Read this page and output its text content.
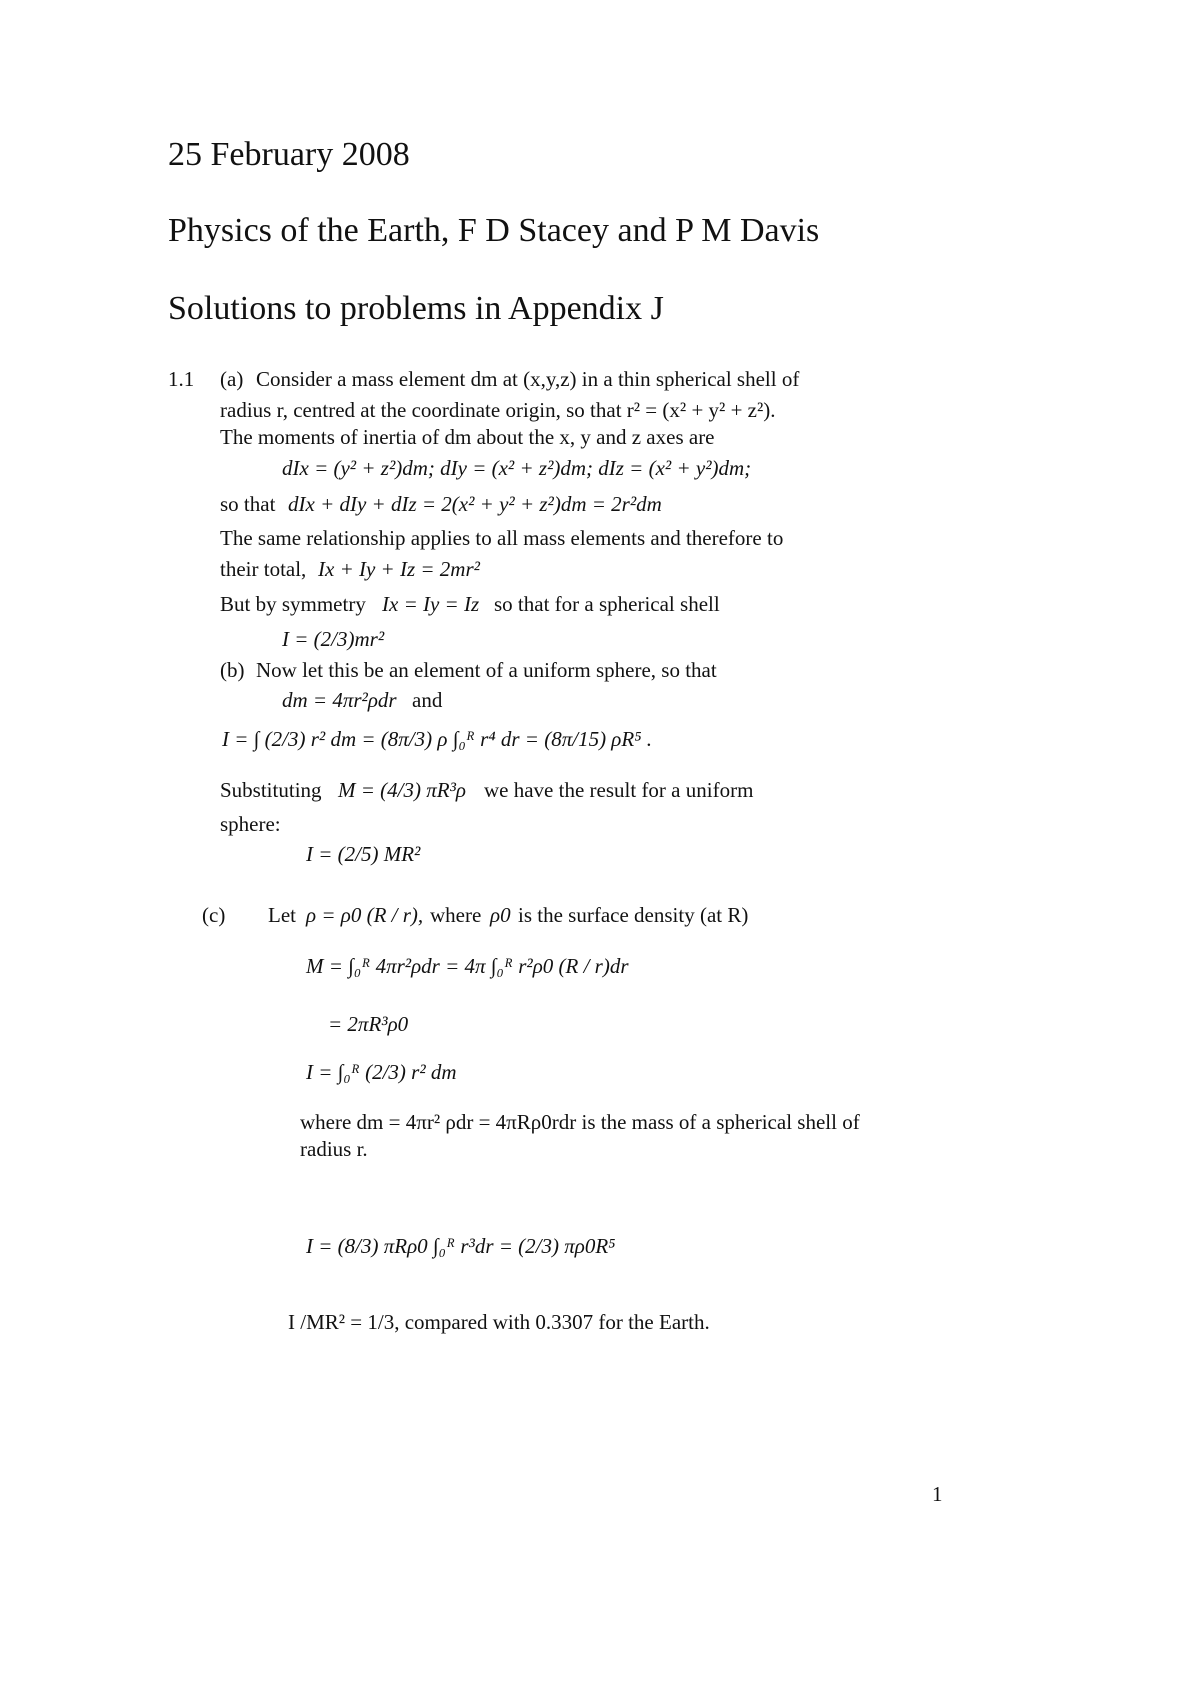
25 February 2008
Physics of the Earth, F D Stacey and P M Davis
Solutions to problems in Appendix J
1.1 (a) Consider a mass element dm at (x,y,z) in a thin spherical shell of
radius r, centred at the coordinate origin, so that r² = (x² + y² + z²).
The moments of inertia of dm about the x, y and z axes are
dIx = (y² + z²)dm; dIy = (x² + z²)dm; dIz = (x² + y²)dm;
so that dIx + dIy + dIz = 2(x² + y² + z²)dm = 2r²dm
The same relationship applies to all mass elements and therefore to
their total, Ix + Iy + Iz = 2mr²
But by symmetry Ix = Iy = Iz so that for a spherical shell
I = (2/3)mr²
(b) Now let this be an element of a uniform sphere, so that
dm = 4πr²ρdr and
I = ∫ (2/3) r² dm = (8π/3) ρ ∫₀ᴿ r⁴ dr = (8π/15) ρR⁵ .
Substituting M = (4/3) πR³ρ we have the result for a uniform
sphere:
I = (2/5) MR²
(c) Let ρ = ρ0 (R / r), where ρ0 is the surface density (at R)
M = ∫₀ᴿ 4πr²ρdr = 4π ∫₀ᴿ r²ρ0 (R / r)dr
= 2πR³ρ0
I = ∫₀ᴿ (2/3) r² dm
where dm = 4πr² ρdr = 4πRρ0rdr is the mass of a spherical shell of
radius r.
I = (8/3) πRρ0 ∫₀ᴿ r³dr = (2/3) πρ0R⁵
I /MR² = 1/3, compared with 0.3307 for the Earth.
1
